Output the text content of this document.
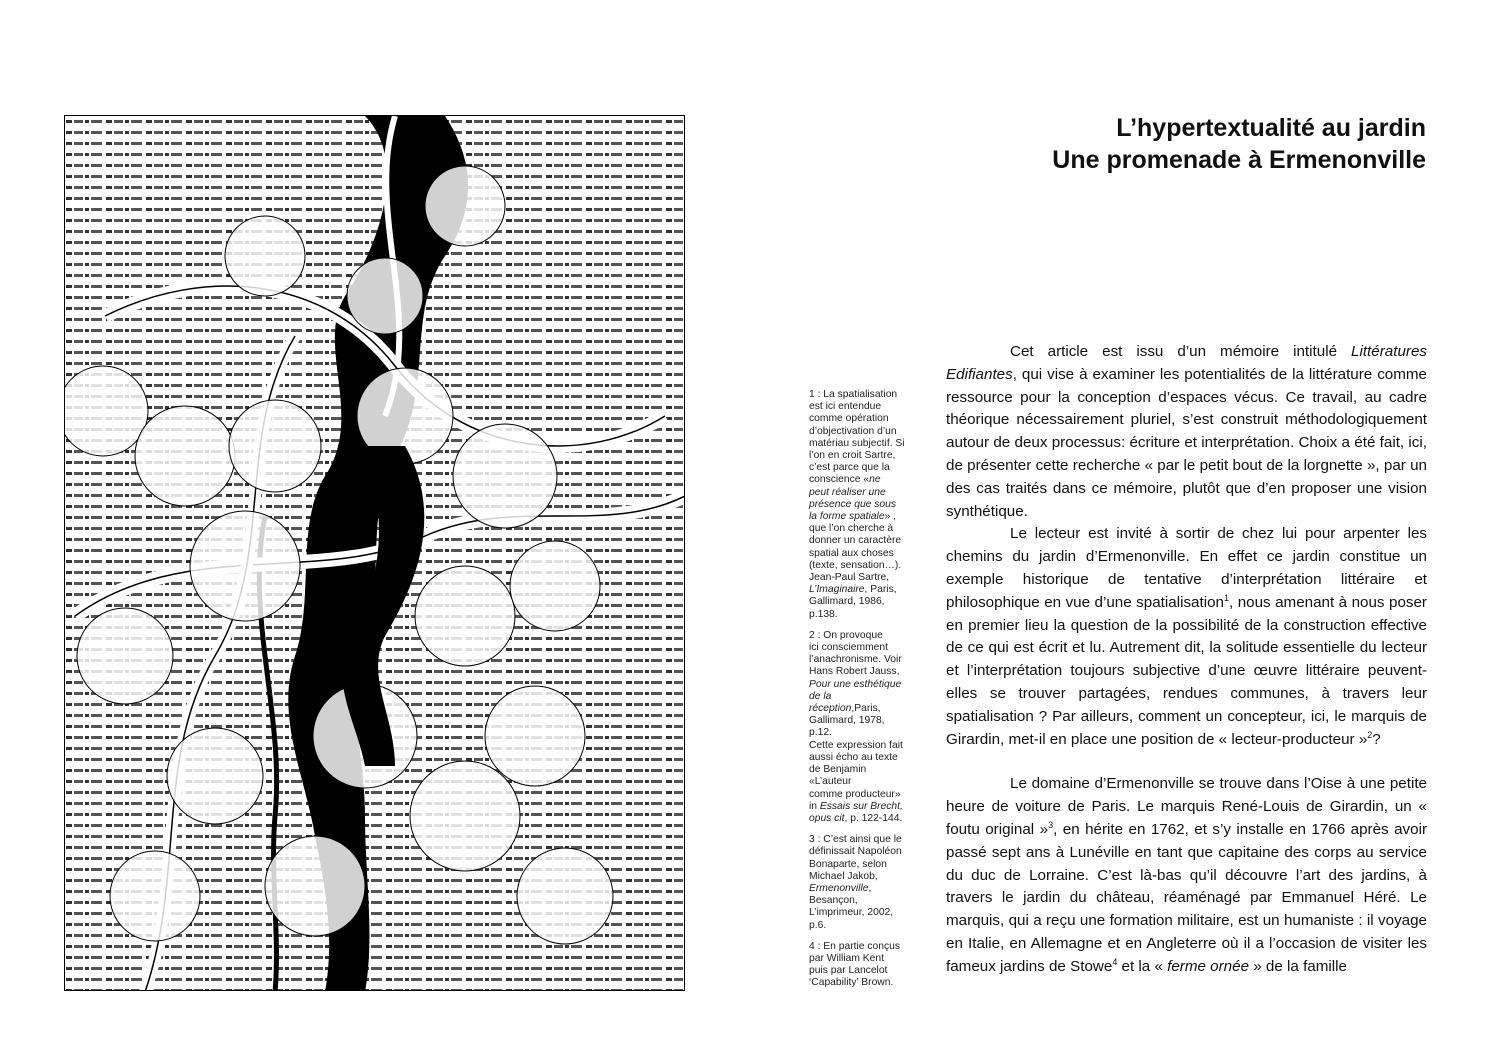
L’hypertextualité au jardin
Une promenade à Ermenonville

1 : La spatialisation
est ici entendue
comme opération
d’objectivation d’un
matériau subjectif. Si
l’on en croit Sartre,
c’est parce que la
conscience «ne
peut réaliser une
présence que sous
la forme spatiale» ,
que l’on cherche à
donner un caractère
spatial aux choses
(texte, sensation…).
Jean-Paul Sartre,
L’Imaginaire, Paris,
Gallimard, 1986,
p.138.

2 : On provoque
ici consciemment
l’anachronisme. Voir
Hans Robert Jauss,
Pour une esthétique
de la réception,Paris,
Gallimard, 1978, p.12.
Cette expression fait
aussi écho au texte
de Benjamin «L’auteur
comme producteur»
in Essais sur Brecht,
opus cit, p. 122-144.

3 : C’est ainsi que le
définissait Napoléon
Bonaparte, selon
Michael Jakob,
Ermenonville,
Besançon,
L’imprimeur, 2002,
p.6.

4 : En partie conçus
par William Kent
puis par Lancelot
‘Capability’ Brown.

Cet article est issu d’un mémoire intitulé Littératures Edifiantes, qui vise à examiner les potentialités de la littérature comme ressource pour la conception d’espaces vécus. Ce travail, au cadre théorique nécessairement pluriel, s’est construit méthodologiquement autour de deux processus: écriture et interprétation. Choix a été fait, ici, de présenter cette recherche « par le petit bout de la lorgnette », par un des cas traités dans ce mémoire, plutôt que d’en proposer une vision synthétique.

Le lecteur est invité à sortir de chez lui pour arpenter les chemins du jardin d’Ermenonville. En effet ce jardin constitue un exemple historique de tentative d’interprétation littéraire et philosophique en vue d’une spatialisation$^1$, nous amenant à nous poser en premier lieu la question de la possibilité de la construction effective de ce qui est écrit et lu. Autrement dit, la solitude essentielle du lecteur et l’interprétation toujours subjective d’une œuvre littéraire peuvent-elles se trouver partagées, rendues communes, à travers leur spatialisation ? Par ailleurs, comment un concepteur, ici, le marquis de Girardin, met-il en place une position de « lecteur-producteur »$^2$?

Le domaine d’Ermenonville se trouve dans l’Oise à une petite heure de voiture de Paris. Le marquis René-Louis de Girardin, un « foutu original »$^3$, en hérite en 1762, et s’y installe en 1766 après avoir passé sept ans à Lunéville en tant que capitaine des corps au service du duc de Lorraine. C’est là-bas qu’il découvre l’art des jardins, à travers le jardin du château, réaménagé par Emmanuel Héré. Le marquis, qui a reçu une formation militaire, est un humaniste : il voyage en Italie, en Allemagne et en Angleterre où il a l’occasion de visiter les fameux jardins de Stowe$^4$ et la « ferme ornée » de la famille
